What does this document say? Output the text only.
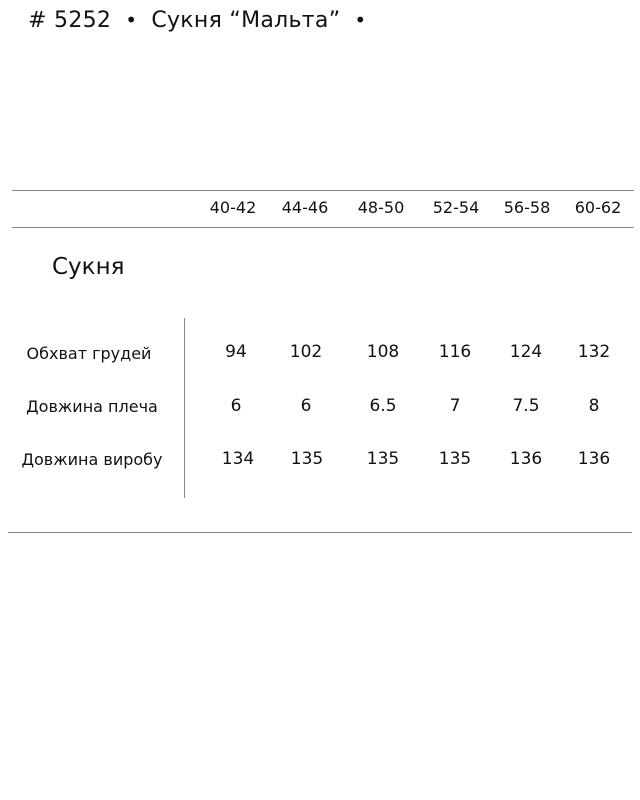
# 5252 • Сукня “Мальта” •
40-42 44-46 48-50 52-54 56-58 60-62
Сукня
Обхват грудей	94	102	108 116 124 132
Довжина плеча	6	6	6.5	7	7.5	8
Довжина виробу	134 135	135 135 136 136
